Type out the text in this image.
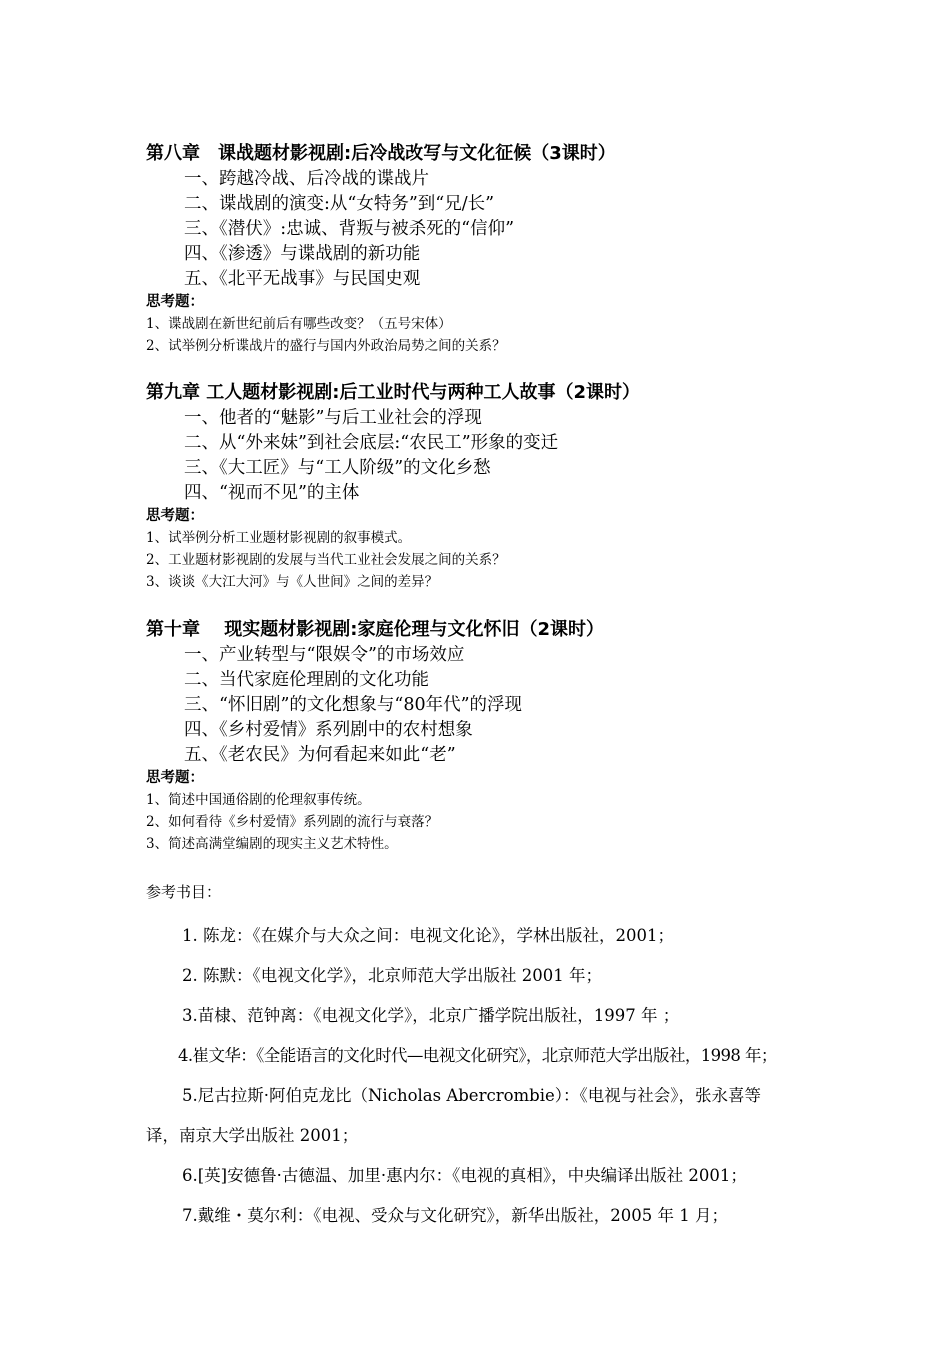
第八章　课战题材影视剧:后冷战改写与文化征候（3课时）
一、跨越冷战、后冷战的谍战片
二、谍战剧的演变:从“女特务”到“兄/长”
三、《潜伏》:忠诚、背叛与被杀死的“信仰”
四、《渗透》与谍战剧的新功能
五、《北平无战事》与民国史观
思考题：
1、谍战剧在新世纪前后有哪些改变？（五号宋体）
2、试举例分析谍战片的盛行与国内外政治局势之间的关系？
第九章 工人题材影视剧:后工业时代与两种工人故事（2课时）
一、他者的“魅影”与后工业社会的浮现
二、从“外来妹”到社会底层:“农民工”形象的变迁
三、《大工匠》与“工人阶级”的文化乡愁
四、“视而不见”的主体
思考题：
1、试举例分析工业题材影视剧的叙事模式。
2、工业题材影视剧的发展与当代工业社会发展之间的关系？
3、谈谈《大江大河》与《人世间》之间的差异？
第十章　 现实题材影视剧:家庭伦理与文化怀旧（2课时）
一、产业转型与“限娱令”的市场效应
二、当代家庭伦理剧的文化功能
三、“怀旧剧”的文化想象与“80年代”的浮现
四、《乡村爱情》系列剧中的农村想象
五、《老农民》为何看起来如此“老”
思考题：
1、简述中国通俗剧的伦理叙事传统。
2、如何看待《乡村爱情》系列剧的流行与衰落？
3、简述高满堂编剧的现实主义艺术特性。
参考书目：
1. 陈龙：《在媒介与大众之间：电视文化论》，学林出版社，2001；
2. 陈默：《电视文化学》，北京师范大学出版社 2001 年；
3.苗棣、范钟离：《电视文化学》，北京广播学院出版社，1997 年 ；
4.崔文华：《全能语言的文化时代—电视文化研究》，北京师范大学出版社，1998 年；
5.尼古拉斯·阿伯克龙比（Nicholas Abercrombie）：《电视与社会》，张永喜等
译，南京大学出版社 2001；
6.[英]安德鲁·古德温、加里·惠内尔：《电视的真相》，中央编译出版社 2001；
7.戴维・莫尔利：《电视、受众与文化研究》，新华出版社，2005 年 1 月；
